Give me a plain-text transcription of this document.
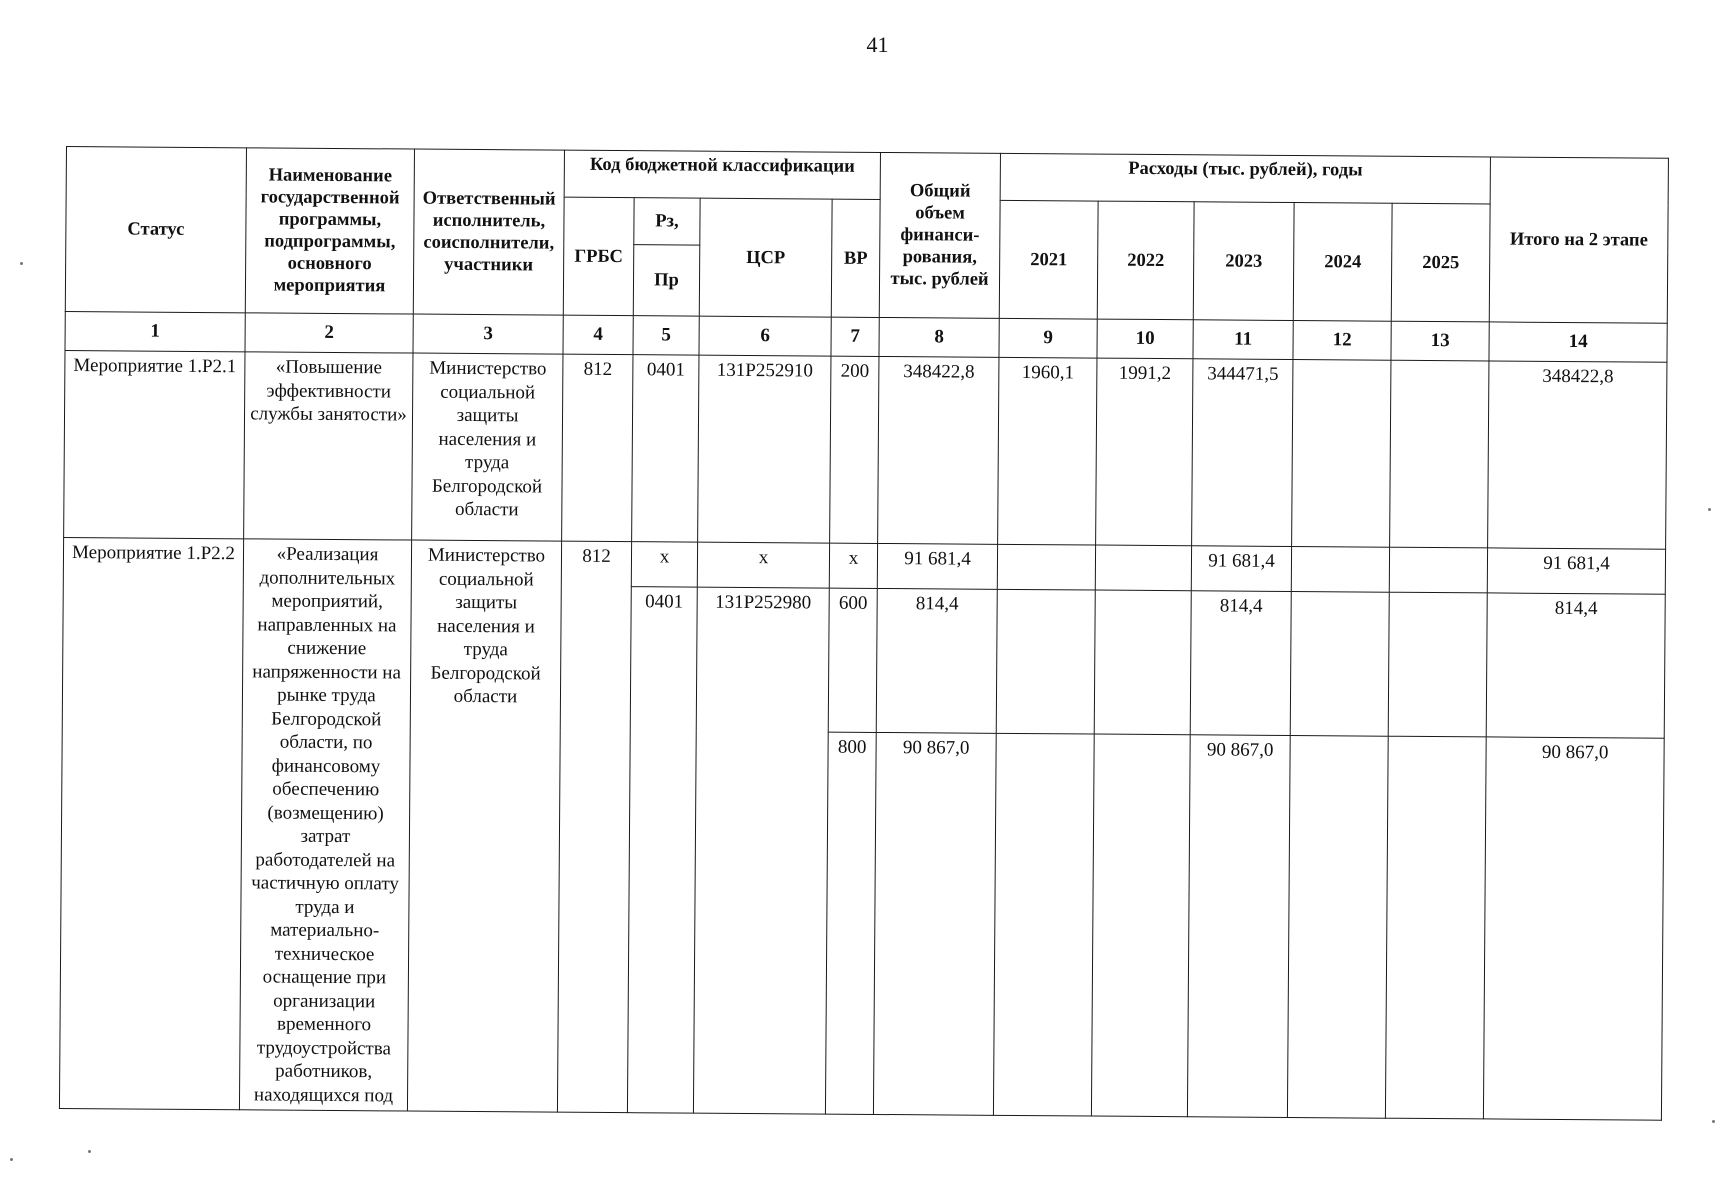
41
Статус	Наименование государственной программы, подпрограммы, основного мероприятия	Ответственный исполнитель, соисполнители, участники	Код бюджетной классификации				Общий объем финанси-рования, тыс. рублей	Расходы (тыс. рублей), годы					Итого на 2 этапе
			ГРБС	Рз,	ЦСР	ВР		2021	2022	2023	2024	2025	
				Пр									
1	2	3	4	5	6	7	8	9	10	11	12	13	14
Мероприятие 1.Р2.1	«Повышение эффективности службы занятости»	Министерство социальной защиты населения и труда Белгородской области	812	0401	131Р252910	200	348422,8	1960,1	1991,2	344471,5			348422,8
Мероприятие 1.Р2.2	«Реализация дополнительных мероприятий, направленных на снижение напряженности на рынке труда Белгородской области, по финансовому обеспечению (возмещению) затрат работодателей на частичную оплату труда и материально-техническое оснащение при организации временного трудоустройства работников, находящихся под	Министерство социальной защиты населения и труда Белгородской области	812	х	х	х	91 681,4			91 681,4			91 681,4
				0401	131Р252980	600	814,4			814,4			814,4
						800	90 867,0			90 867,0			90 867,0
